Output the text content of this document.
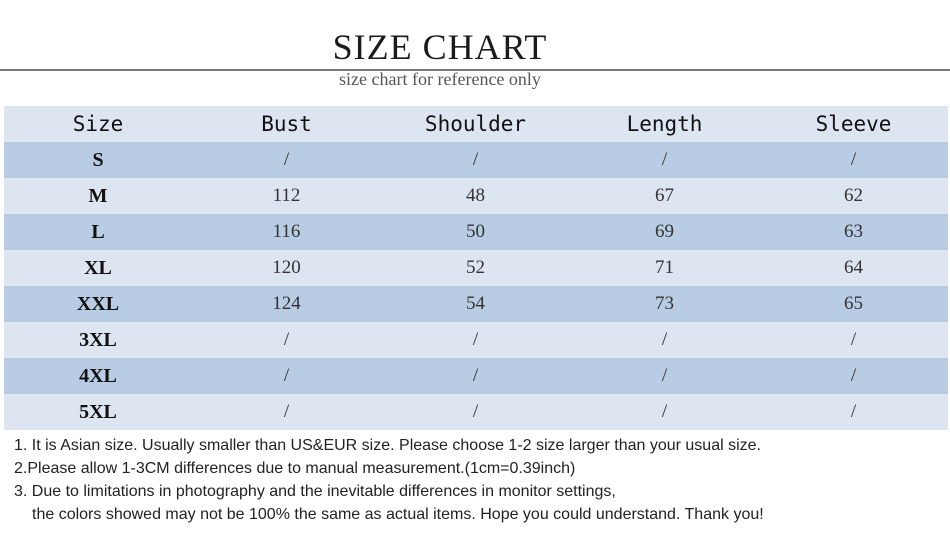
SIZE CHART
size chart for reference only
Size	Bust	Shoulder	Length	Sleeve
S	/	/	/	/
M	112	48	67	62
L	116	50	69	63
XL	120	52	71	64
XXL	124	54	73	65
3XL	/	/	/	/
4XL	/	/	/	/
5XL	/	/	/	/
1. It is Asian size. Usually smaller than US&EUR size. Please choose 1-2 size larger than your usual size.
2.Please allow 1-3CM differences due to manual measurement.(1cm=0.39inch)
3. Due to limitations in photography and the inevitable differences in monitor settings,
the colors showed may not be 100% the same as actual items. Hope you could understand. Thank you!
